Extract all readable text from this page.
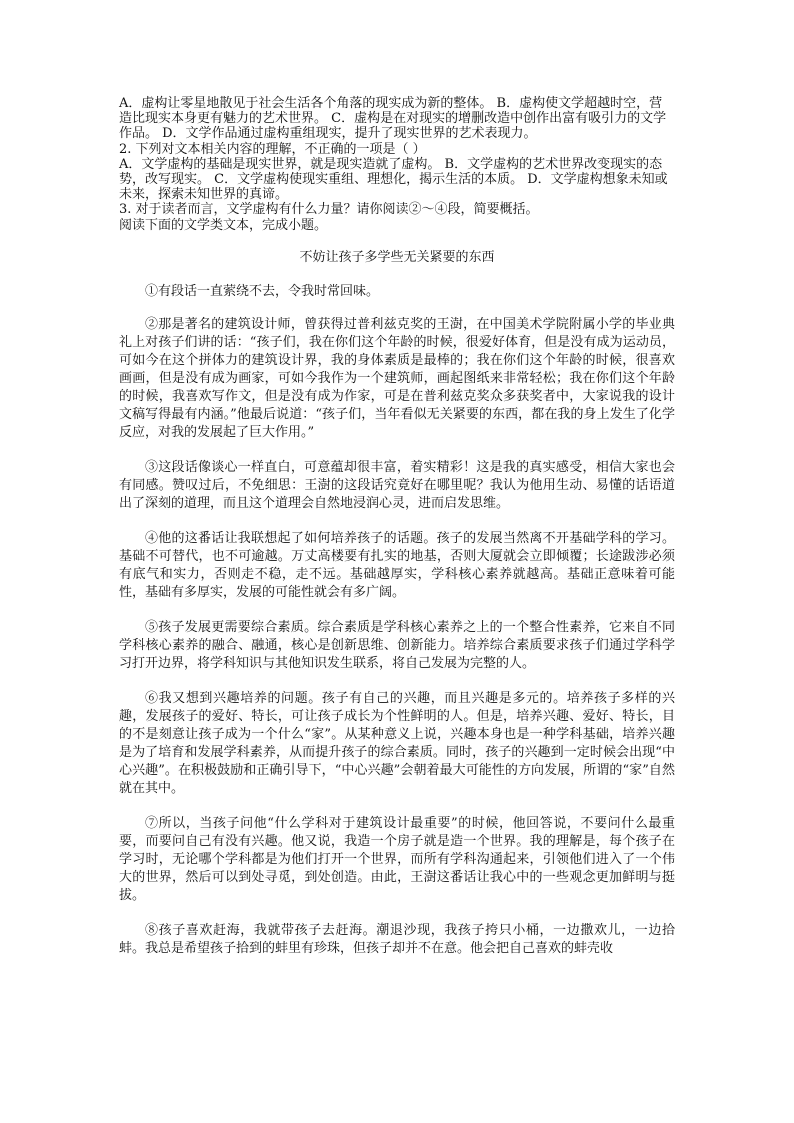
A．虚构让零星地散见于社会生活各个角落的现实成为新的整体。 B．虚构使文学超越时空，营造比现实本身更有魅力的艺术世界。 C．虚构是在对现实的增删改造中创作出富有吸引力的文学作品。 D．文学作品通过虚构重组现实，提升了现实世界的艺术表现力。

2. 下列对文本相关内容的理解，不正确的一项是（ ）

A．文学虚构的基础是现实世界，就是现实造就了虚构。 B．文学虚构的艺术世界改变现实的态势，改写现实。 C．文学虚构使现实重组、理想化，揭示生活的本质。 D．文学虚构想象未知或未来，探索未知世界的真谛。

3. 对于读者而言，文学虚构有什么力量？请你阅读②～④段，简要概括。

阅读下面的文学类文本，完成小题。

不妨让孩子多学些无关紧要的东西

①有段话一直萦绕不去，令我时常回味。

②那是著名的建筑设计师，曾获得过普利兹克奖的王澍，在中国美术学院附属小学的毕业典礼上对孩子们讲的话：“孩子们，我在你们这个年龄的时候，很爱好体育，但是没有成为运动员，可如今在这个拼体力的建筑设计界，我的身体素质是最棒的；我在你们这个年龄的时候，很喜欢画画，但是没有成为画家，可如今我作为一个建筑师，画起图纸来非常轻松；我在你们这个年龄的时候，我喜欢写作文，但是没有成为作家，可是在普利兹克奖众多获奖者中，大家说我的设计文稿写得最有内涵。”他最后说道：“孩子们，当年看似无关紧要的东西，都在我的身上发生了化学反应，对我的发展起了巨大作用。”

③这段话像谈心一样直白，可意蕴却很丰富，着实精彩！这是我的真实感受，相信大家也会有同感。赞叹过后，不免细思：王澍的这段话究竟好在哪里呢？我认为他用生动、易懂的话语道出了深刻的道理，而且这个道理会自然地浸润心灵，进而启发思维。

④他的这番话让我联想起了如何培养孩子的话题。孩子的发展当然离不开基础学科的学习。基础不可替代，也不可逾越。万丈高楼要有扎实的地基，否则大厦就会立即倾覆；长途跋涉必须有底气和实力，否则走不稳，走不远。基础越厚实，学科核心素养就越高。基础正意味着可能性，基础有多厚实，发展的可能性就会有多广阔。

⑤孩子发展更需要综合素质。综合素质是学科核心素养之上的一个整合性素养，它来自不同学科核心素养的融合、融通，核心是创新思维、创新能力。培养综合素质要求孩子们通过学科学习打开边界，将学科知识与其他知识发生联系，将自己发展为完整的人。

⑥我又想到兴趣培养的问题。孩子有自己的兴趣，而且兴趣是多元的。培养孩子多样的兴趣，发展孩子的爱好、特长，可让孩子成长为个性鲜明的人。但是，培养兴趣、爱好、特长，目的不是刻意让孩子成为一个什么“家”。从某种意义上说，兴趣本身也是一种学科基础，培养兴趣是为了培育和发展学科素养，从而提升孩子的综合素质。同时，孩子的兴趣到一定时候会出现“中心兴趣”。在积极鼓励和正确引导下，“中心兴趣”会朝着最大可能性的方向发展，所谓的“家”自然就在其中。

⑦所以，当孩子问他“什么学科对于建筑设计最重要”的时候，他回答说，不要问什么最重要，而要问自己有没有兴趣。他又说，我造一个房子就是造一个世界。我的理解是，每个孩子在学习时，无论哪个学科都是为他们打开一个世界，而所有学科沟通起来，引领他们进入了一个伟大的世界，然后可以到处寻觅，到处创造。由此，王澍这番话让我心中的一些观念更加鲜明与挺拔。

⑧孩子喜欢赶海，我就带孩子去赶海。潮退沙现，我孩子挎只小桶，一边撒欢儿，一边拾蚌。我总是希望孩子拾到的蚌里有珍珠，但孩子却并不在意。他会把自己喜欢的蚌壳收
